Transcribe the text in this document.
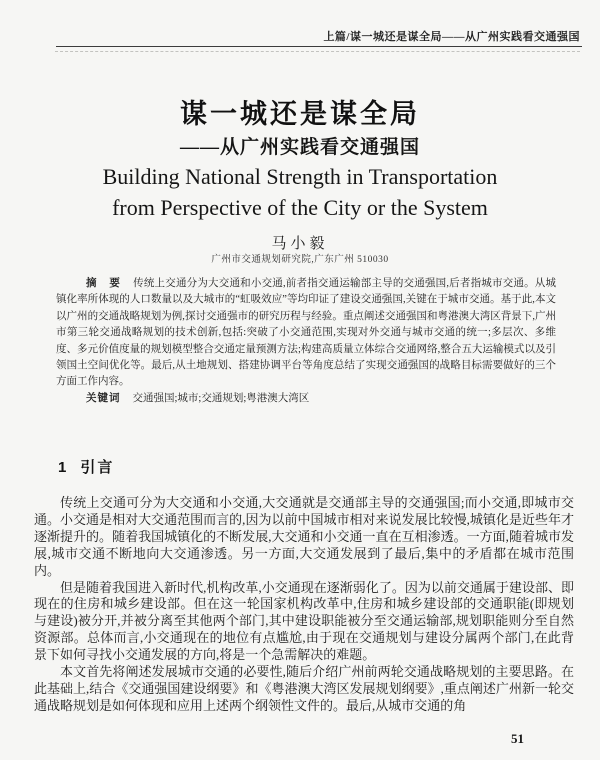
上篇/谋一城还是谋全局——从广州实践看交通强国
谋一城还是谋全局
——从广州实践看交通强国
Building National Strength in Transportation
from Perspective of the City or the System
马小毅
广州市交通规划研究院,广东广州 510030

摘　要 传统上交通分为大交通和小交通,前者指交通运输部主导的交通强国,后者指城市交通。从城镇化率所体现的人口数量以及大城市的“虹吸效应”等均印证了建设交通强国,关键在于城市交通。基于此,本文以广州的交通战略规划为例,探讨交通强市的研究历程与经验。重点阐述交通强国和粤港澳大湾区背景下,广州市第三轮交通战略规划的技术创新,包括:突破了小交通范围,实现对外交通与城市交通的统一;多层次、多维度、多元价值度量的规划模型整合交通定量预测方法;构建高质量立体综合交通网络,整合五大运输模式以及引领国土空间优化等。最后,从土地规划、搭建协调平台等角度总结了实现交通强国的战略目标需要做好的三个方面工作内容。

关键词 交通强国;城市;交通规划;粤港澳大湾区

1 引言

传统上交通可分为大交通和小交通,大交通就是交通部主导的交通强国;而小交通,即城市交通。小交通是相对大交通范围而言的,因为以前中国城市相对来说发展比较慢,城镇化是近些年才逐渐提升的。随着我国城镇化的不断发展,大交通和小交通一直在互相渗透。一方面,随着城市发展,城市交通不断地向大交通渗透。另一方面,大交通发展到了最后,集中的矛盾都在城市范围内。

但是随着我国进入新时代,机构改革,小交通现在逐渐弱化了。因为以前交通属于建设部、即现在的住房和城乡建设部。但在这一轮国家机构改革中,住房和城乡建设部的交通职能(即规划与建设)被分开,并被分离至其他两个部门,其中建设职能被分至交通运输部,规划职能则分至自然资源部。总体而言,小交通现在的地位有点尴尬,由于现在交通规划与建设分属两个部门,在此背景下如何寻找小交通发展的方向,将是一个急需解决的难题。

本文首先将阐述发展城市交通的必要性,随后介绍广州前两轮交通战略规划的主要思路。在此基础上,结合《交通强国建设纲要》和《粤港澳大湾区发展规划纲要》,重点阐述广州新一轮交通战略规划是如何体现和应用上述两个纲领性文件的。最后,从城市交通的角

51
